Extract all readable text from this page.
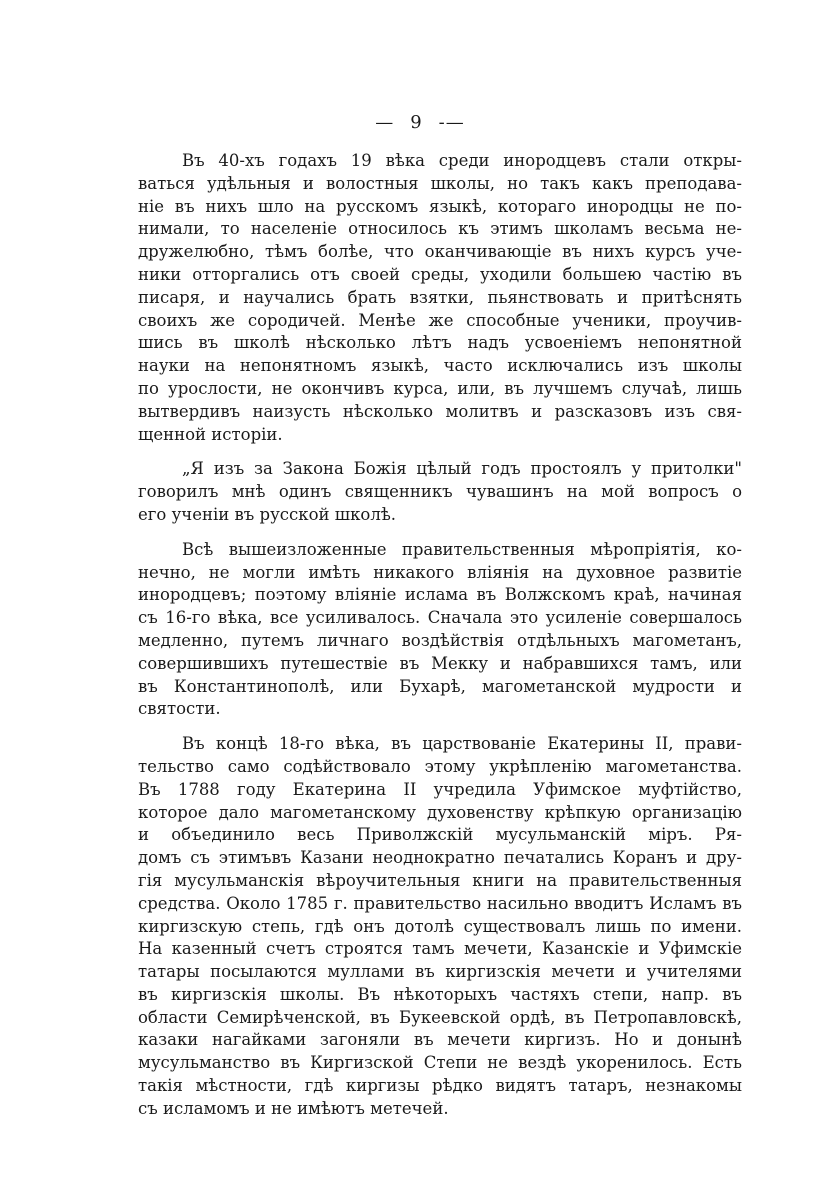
— 9 -—
Въ 40-хъ годахъ 19 вѣка среди инородцевъ стали откры-
ваться удѣльныя и волостныя школы, но такъ какъ преподава-
ніе въ нихъ шло на русскомъ языкѣ, котораго инородцы не по-
нимали, то населеніе относилось къ этимъ школамъ весьма не-
дружелюбно, тѣмъ болѣе, что оканчивающіе въ нихъ курсъ уче-
ники отторгались отъ своей среды, уходили большею частію въ
писаря, и научались брать взятки, пьянствовать и притѣснять
своихъ же сородичей. Менѣе же способные ученики, проучив-
шись въ школѣ нѣсколько лѣтъ надъ усвоеніемъ непонятной
науки на непонятномъ языкѣ, часто исключались изъ школы
по урослости, не окончивъ курса, или, въ лучшемъ случаѣ, лишь
вытвердивъ наизусть нѣсколько молитвъ и разсказовъ изъ свя-
щенной исторіи.
„Я изъ за Закона Божія цѣлый годъ простоялъ у притолки"
говорилъ мнѣ одинъ священникъ чувашинъ на мой вопросъ о
его ученіи въ русской школѣ.
Всѣ вышеизложенные правительственныя мѣропріятія, ко-
нечно, не могли имѣть никакого вліянія на духовное развитіе
инородцевъ; поэтому вліяніе ислама въ Волжскомъ краѣ, начиная
съ 16-го вѣка, все усиливалось. Сначала это усиленіе совершалось
медленно, путемъ личнаго воздѣйствія отдѣльныхъ магометанъ,
совершившихъ путешествіе въ Мекку и набравшихся тамъ, или
въ Константинополѣ, или Бухарѣ, магометанской мудрости и
святости.
Въ концѣ 18-го вѣка, въ царствованіе Екатерины II, прави-
тельство само содѣйствовало этому укрѣпленію магометанства.
Въ 1788 году Екатерина II учредила Уфимское муфтійство,
которое дало магометанскому духовенству крѣпкую организацію
и объединило весь Приволжскій мусульманскій міръ. Ря-
домъ съ этимъвъ Казани неоднократно печатались Коранъ и дру-
гія мусульманскія вѣроучительныя книги на правительственныя
средства. Около 1785 г. правительство насильно вводитъ Исламъ въ
киргизскую степь, гдѣ онъ дотолѣ существовалъ лишь по имени.
На казенный счетъ строятся тамъ мечети, Казанскіе и Уфимскіе
татары посылаются муллами въ киргизскія мечети и учителями
въ киргизскія школы. Въ нѣкоторыхъ частяхъ степи, напр. въ
области Семирѣченской, въ Букеевской ордѣ, въ Петропавловскѣ,
казаки нагайками загоняли въ мечети киргизъ. Но и донынѣ
мусульманство въ Киргизской Степи не вездѣ укоренилось. Есть
такія мѣстности, гдѣ киргизы рѣдко видятъ татаръ, незнакомы
съ исламомъ и не имѣютъ метечей.
